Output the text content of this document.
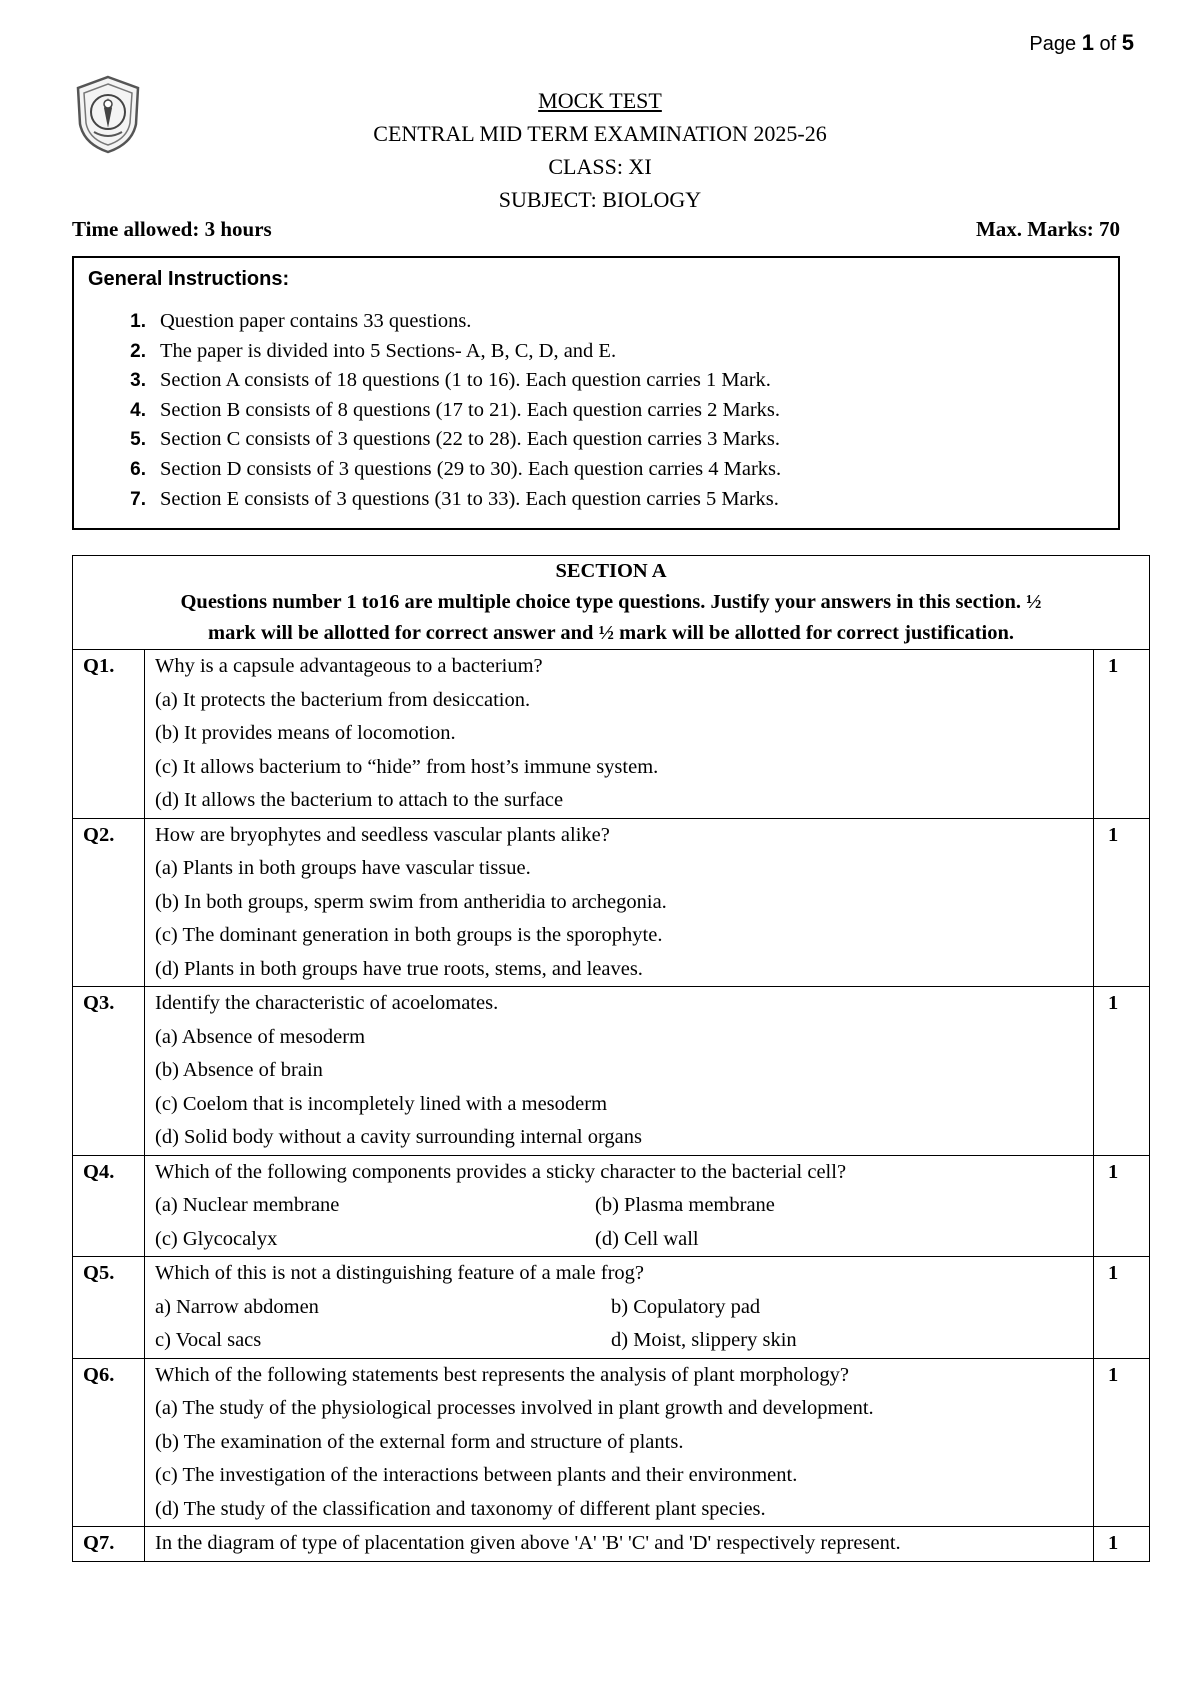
Page 1 of 5
MOCK TEST
CENTRAL MID TERM EXAMINATION 2025-26
CLASS: XI
SUBJECT: BIOLOGY
Time allowed: 3 hours	Max. Marks: 70
General Instructions:
1. Question paper contains 33 questions.
2. The paper is divided into 5 Sections- A, B, C, D, and E.
3. Section A consists of 18 questions (1 to 16). Each question carries 1 Mark.
4. Section B consists of 8 questions (17 to 21). Each question carries 2 Marks.
5. Section C consists of 3 questions (22 to 28). Each question carries 3 Marks.
6. Section D consists of 3 questions (29 to 30). Each question carries 4 Marks.
7. Section E consists of 3 questions (31 to 33). Each question carries 5 Marks.
SECTION A
Questions number 1 to16 are multiple choice type questions. Justify your answers in this section. ½
mark will be allotted for correct answer and ½ mark will be allotted for correct justification.		

Q1.	Why is a capsule advantageous to a bacterium?
(a) It protects the bacterium from desiccation.
(b) It provides means of locomotion.
(c) It allows bacterium to “hide” from host’s immune system.
(d) It allows the bacterium to attach to the surface	1
Q2.	How are bryophytes and seedless vascular plants alike?
(a) Plants in both groups have vascular tissue.
(b) In both groups, sperm swim from antheridia to archegonia.
(c) The dominant generation in both groups is the sporophyte.
(d) Plants in both groups have true roots, stems, and leaves.	1
Q3.	Identify the characteristic of acoelomates.
(a) Absence of mesoderm
(b) Absence of brain
(c) Coelom that is incompletely lined with a mesoderm
(d) Solid body without a cavity surrounding internal organs	1
Q4.	Which of the following components provides a sticky character to the bacterial cell?
(a) Nuclear membrane (b) Plasma membrane
(c) Glycocalyx (d) Cell wall	1
Q5.	Which of this is not a distinguishing feature of a male frog?
a) Narrow abdomen b) Copulatory pad
c) Vocal sacs d) Moist, slippery skin	1
Q6.	Which of the following statements best represents the analysis of plant morphology?
(a) The study of the physiological processes involved in plant growth and development.
(b) The examination of the external form and structure of plants.
(c) The investigation of the interactions between plants and their environment.
(d) The study of the classification and taxonomy of different plant species.	1
Q7.	In the diagram of type of placentation given above 'A' 'B' 'C' and 'D' respectively represent.	1
